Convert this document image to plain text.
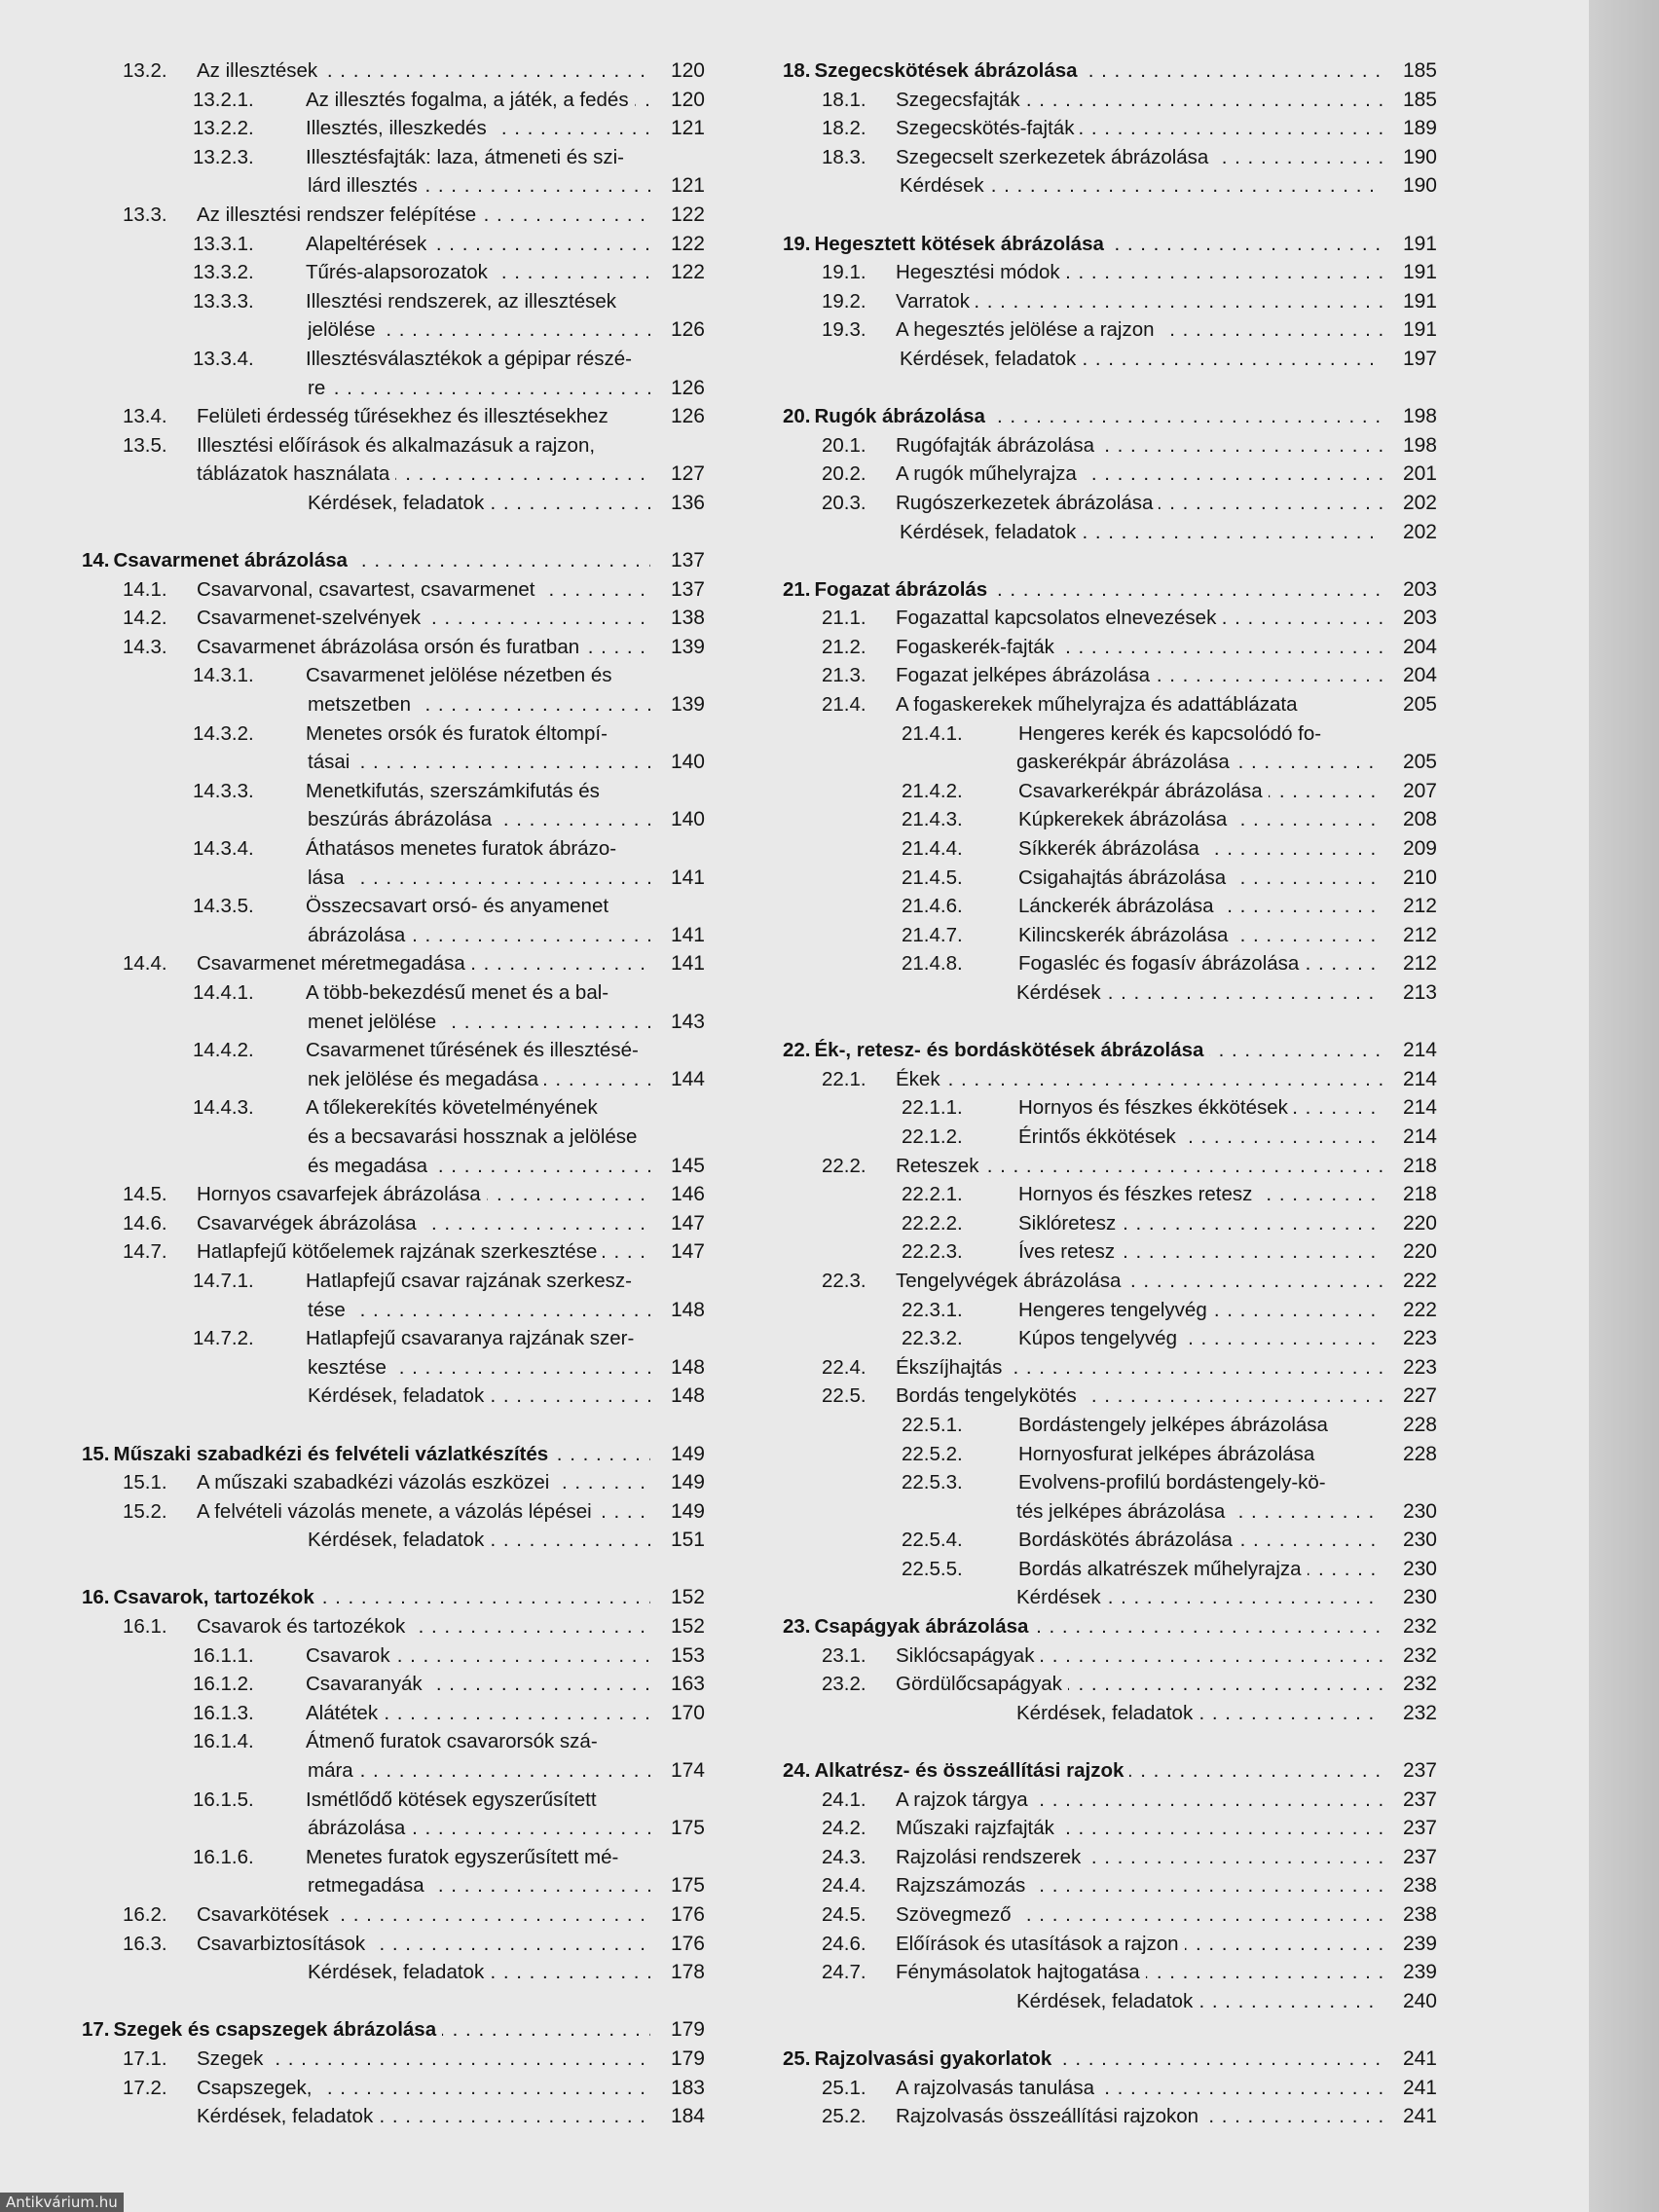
13.2.	Az illesztések . . .	120
13.2.1.	Az illesztés fogalma, a játék, a fedés . . .	120
13.2.2.	Illesztés, illeszkedés . . .	121
13.2.3.	Illesztésfajták: laza, átmeneti és szi-
lárd illesztés . . .	121
13.3.	Az illesztési rendszer felépítése . . .	122
13.3.1.	Alapeltérések . . .	122
13.3.2.	Tűrés-alapsorozatok . . .	122
13.3.3.	Illesztési rendszerek, az illesztések
jelölése . . .	126
13.3.4.	Illesztésválasztékok a gépipar részé-
re . . .	126
13.4.	Felületi érdesség tűrésekhez és illesztésekhez	126
13.5.	Illesztési előírások és alkalmazásuk a rajzon,
táblázatok használata . . .	127
Kérdések, feladatok . . .	136
14. Csavarmenet ábrázolása . . .	137
14.1.	Csavarvonal, csavartest, csavarmenet . . .	137
14.2.	Csavarmenet-szelvények . . .	138
14.3.	Csavarmenet ábrázolása orsón és furatban . . .	139
14.3.1.	Csavarmenet jelölése nézetben és
metszetben . . .	139
14.3.2.	Menetes orsók és furatok éltompí-
tásai . . .	140
14.3.3.	Menetkifutás, szerszámkifutás és
beszúrás ábrázolása . . .	140
14.3.4.	Áthatásos menetes furatok ábrázo-
lása . . .	141
14.3.5.	Összecsavart orsó- és anyamenet
ábrázolása . . .	141
14.4.	Csavarmenet méretmegadása . . .	141
14.4.1.	A több-bekezdésű menet és a bal-
menet jelölése . . .	143
14.4.2.	Csavarmenet tűrésének és illesztésé-
nek jelölése és megadása . . .	144
14.4.3.	A tőlekerekítés követelményének
és a becsavarási hossznak a jelölése
és megadása . . .	145
14.5.	Hornyos csavarfejek ábrázolása . . .	146
14.6.	Csavarvégek ábrázolása . . .	147
14.7.	Hatlapfejű kötőelemek rajzának szerkesztése . . .	147
14.7.1.	Hatlapfejű csavar rajzának szerkesz-
tése . . .	148
14.7.2.	Hatlapfejű csavaranya rajzának szer-
kesztése . . .	148
Kérdések, feladatok . . .	148
15. Műszaki szabadkézi és felvételi vázlatkészítés . . .	149
15.1.	A műszaki szabadkézi vázolás eszközei . . .	149
15.2.	A felvételi vázolás menete, a vázolás lépései . . .	149
Kérdések, feladatok . . .	151
16. Csavarok, tartozékok . . .	152
16.1.	Csavarok és tartozékok . . .	152
16.1.1.	Csavarok . . .	153
16.1.2.	Csavaranyák . . .	163
16.1.3.	Alátétek . . .	170
16.1.4.	Átmenő furatok csavarorsók szá-
mára . . .	174
16.1.5.	Ismétlődő kötések egyszerűsített
ábrázolása . . .	175
16.1.6.	Menetes furatok egyszerűsített mé-
retmegadása . . .	175
16.2.	Csavarkötések . . .	176
16.3.	Csavarbiztosítások . . .	176
Kérdések, feladatok . . .	178
17. Szegek és csapszegek ábrázolása . . .	179
17.1.	Szegek . . .	179
17.2.	Csapszegek, . . .	183
Kérdések, feladatok . . .	184
18. Szegecskötések ábrázolása . . .	185
18.1.	Szegecsfajták . . .	185
18.2.	Szegecskötés-fajták . . .	189
18.3.	Szegecselt szerkezetek ábrázolása . . .	190
Kérdések . . .	190
19. Hegesztett kötések ábrázolása . . .	191
19.1.	Hegesztési módok . . .	191
19.2.	Varratok . . .	191
19.3.	A hegesztés jelölése a rajzon . . .	191
Kérdések, feladatok . . .	197
20. Rugók ábrázolása . . .	198
20.1.	Rugófajták ábrázolása . . .	198
20.2.	A rugók műhelyrajza . . .	201
20.3.	Rugószerkezetek ábrázolása . . .	202
Kérdések, feladatok . . .	202
21. Fogazat ábrázolás . . .	203
21.1.	Fogazattal kapcsolatos elnevezések . . .	203
21.2.	Fogaskerék-fajták . . .	204
21.3.	Fogazat jelképes ábrázolása . . .	204
21.4.	A fogaskerekek műhelyrajza és adattáblázata	205
21.4.1.	Hengeres kerék és kapcsolódó fo-
gaskerékpár ábrázolása . . .	205
21.4.2.	Csavarkerékpár ábrázolása . . .	207
21.4.3.	Kúpkerekek ábrázolása . . .	208
21.4.4.	Síkkerék ábrázolása . . .	209
21.4.5.	Csigahajtás ábrázolása . . .	210
21.4.6.	Lánckerék ábrázolása . . .	212
21.4.7.	Kilincskerék ábrázolása . . .	212
21.4.8.	Fogasléc és fogasív ábrázolása . . .	212
Kérdések . . .	213
22. Ék-, retesz- és bordáskötések ábrázolása . . .	214
22.1.	Ékek . . .	214
22.1.1.	Hornyos és fészkes ékkötések . . .	214
22.1.2.	Érintős ékkötések . . .	214
22.2.	Reteszek . . .	218
22.2.1.	Hornyos és fészkes retesz . . .	218
22.2.2.	Siklóretesz . . .	220
22.2.3.	Íves retesz . . .	220
22.3.	Tengelyvégek ábrázolása . . .	222
22.3.1.	Hengeres tengelyvég . . .	222
22.3.2.	Kúpos tengelyvég . . .	223
22.4.	Ékszíjhajtás . . .	223
22.5.	Bordás tengelykötés . . .	227
22.5.1.	Bordástengely jelképes ábrázolása	228
22.5.2.	Hornyosfurat jelképes ábrázolása	228
22.5.3.	Evolvens-profilú bordástengely-kö-
tés jelképes ábrázolása . . .	230
22.5.4.	Bordáskötés ábrázolása . . .	230
22.5.5.	Bordás alkatrészek műhelyrajza . . .	230
Kérdések . . .	230
23. Csapágyak ábrázolása . . .	232
23.1.	Siklócsapágyak . . .	232
23.2.	Gördülőcsapágyak . . .	232
Kérdések, feladatok . . .	232
24. Alkatrész- és összeállítási rajzok . . .	237
24.1.	A rajzok tárgya . . .	237
24.2.	Műszaki rajzfajták . . .	237
24.3.	Rajzolási rendszerek . . .	237
24.4.	Rajzszámozás . . .	238
24.5.	Szövegmező . . .	238
24.6.	Előírások és utasítások a rajzon . . .	239
24.7.	Fénymásolatok hajtogatása . . .	239
Kérdések, feladatok . . .	240
25. Rajzolvasási gyakorlatok . . .	241
25.1.	A rajzolvasás tanulása . . .	241
25.2.	Rajzolvasás összeállítási rajzokon . . .	241
Antikvárium.hu
